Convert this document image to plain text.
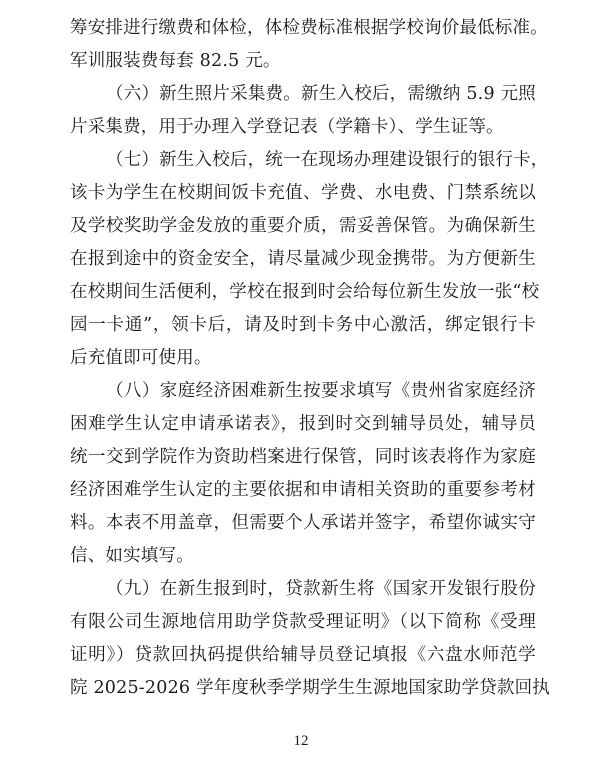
筹安排进行缴费和体检，体检费标准根据学校询价最低标准。
军训服装费每套 82.5 元。
（六）新生照片采集费。新生入校后，需缴纳 5.9 元照
片采集费，用于办理入学登记表（学籍卡）、学生证等。
（七）新生入校后，统一在现场办理建设银行的银行卡，
该卡为学生在校期间饭卡充值、学费、水电费、门禁系统以
及学校奖助学金发放的重要介质，需妥善保管。为确保新生
在报到途中的资金安全，请尽量减少现金携带。为方便新生
在校期间生活便利，学校在报到时会给每位新生发放一张“校
园一卡通”，领卡后，请及时到卡务中心激活，绑定银行卡
后充值即可使用。
（八）家庭经济困难新生按要求填写《贵州省家庭经济
困难学生认定申请承诺表》，报到时交到辅导员处，辅导员
统一交到学院作为资助档案进行保管，同时该表将作为家庭
经济困难学生认定的主要依据和申请相关资助的重要参考材
料。本表不用盖章，但需要个人承诺并签字，希望你诚实守
信、如实填写。
（九）在新生报到时，贷款新生将《国家开发银行股份
有限公司生源地信用助学贷款受理证明》（以下简称《受理
证明》）贷款回执码提供给辅导员登记填报《六盘水师范学
院 2025-2026 学年度秋季学期学生生源地国家助学贷款回执
12
